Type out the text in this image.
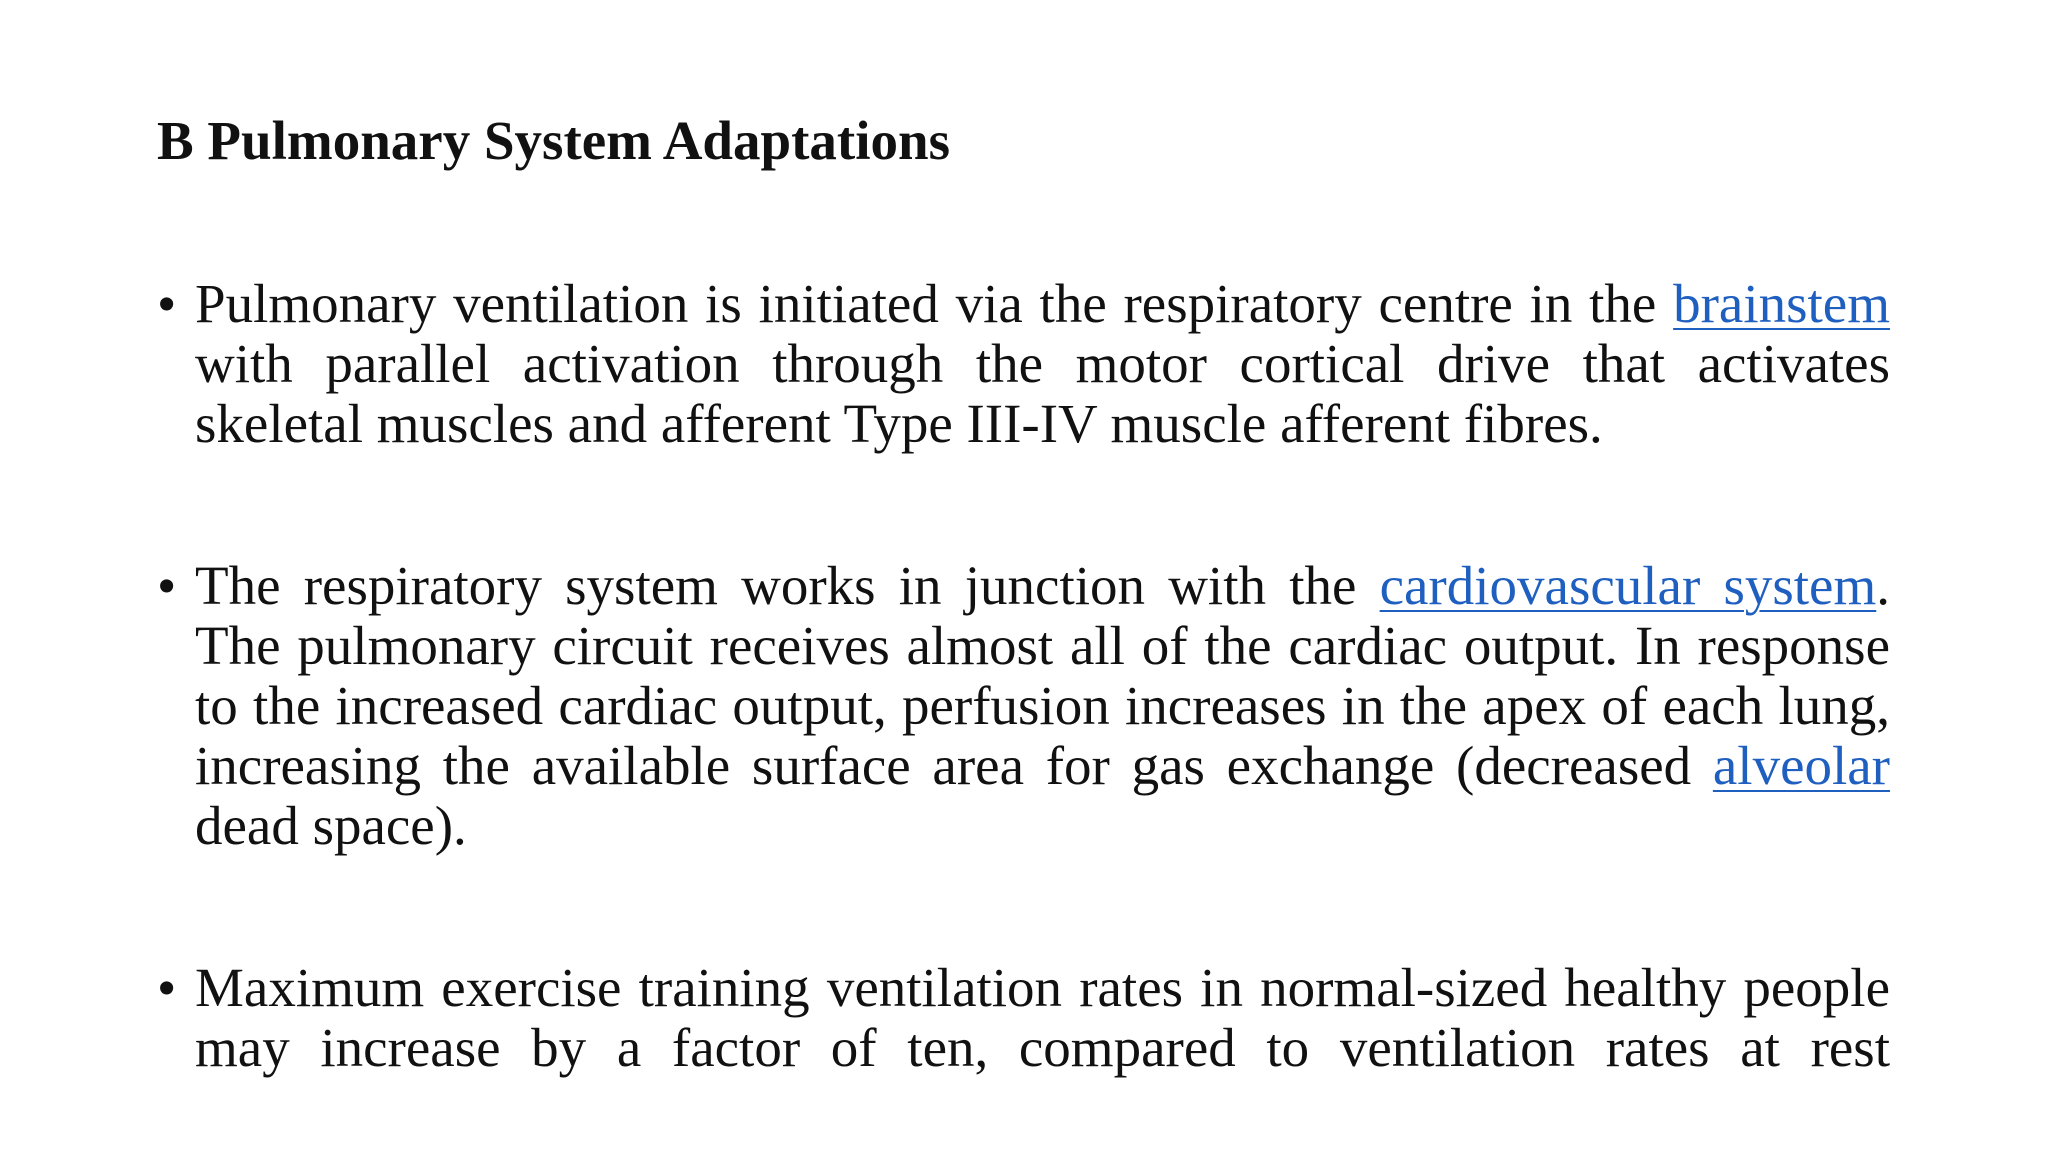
B Pulmonary System Adaptations
• Pulmonary ventilation is initiated via the respiratory centre in the brainstem with parallel activation through the motor cortical drive that activates skeletal muscles and afferent Type III-IV muscle afferent fibres.
• The respiratory system works in junction with the cardiovascular system. The pulmonary circuit receives almost all of the cardiac output. In response to the increased cardiac output, perfusion increases in the apex of each lung, increasing the available surface area for gas exchange (decreased alveolar dead space).
• Maximum exercise training ventilation rates in normal-sized healthy people may increase by a factor of ten, compared to ventilation rates at rest
